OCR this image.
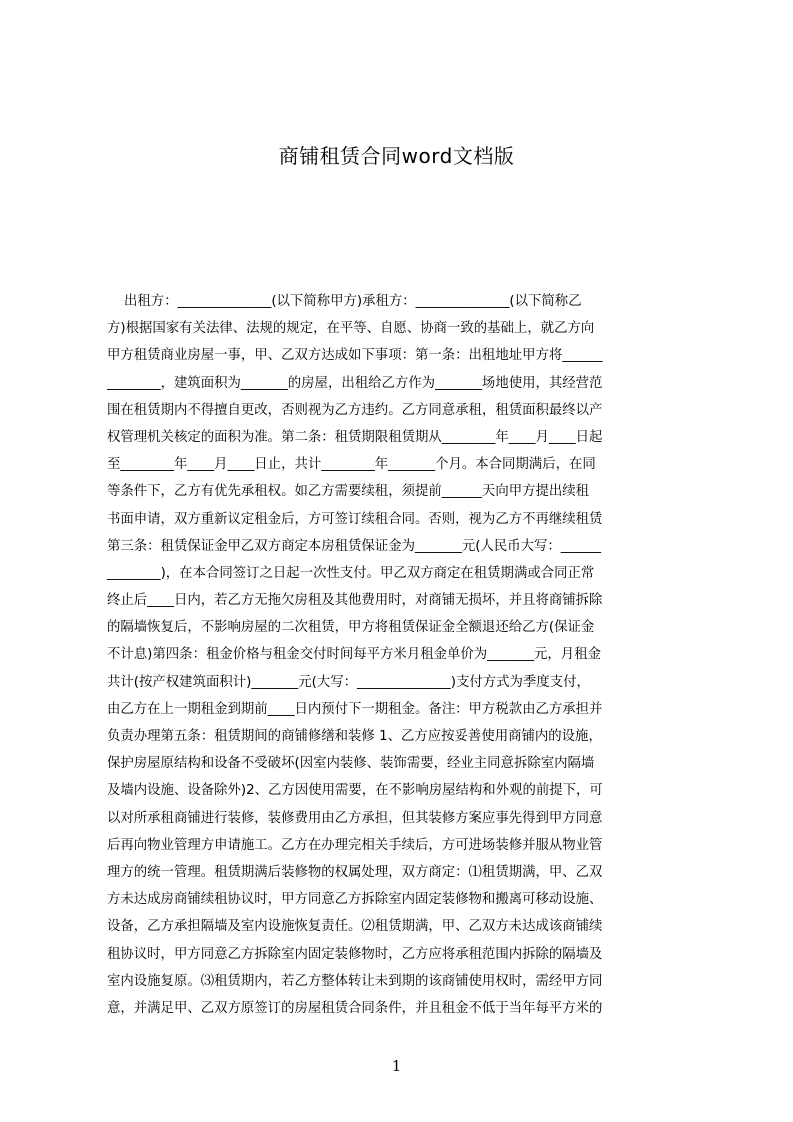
商铺租赁合同word文档版
出租方：______________(以下简称甲方)承租方：______________(以下简称乙
方)根据国家有关法律、法规的规定，在平等、自愿、协商一致的基础上，就乙方向
甲方租赁商业房屋一事，甲、乙双方达成如下事项：第一条：出租地址甲方将______
________，建筑面积为_______的房屋，出租给乙方作为_______场地使用，其经营范
围在租赁期内不得擅自更改，否则视为乙方违约。乙方同意承租，租赁面积最终以产
权管理机关核定的面积为准。第二条：租赁期限租赁期从________年____月____日起
至________年____月____日止，共计________年_______个月。本合同期满后，在同
等条件下，乙方有优先承租权。如乙方需要续租，须提前______天向甲方提出续租
书面申请，双方重新议定租金后，方可签订续租合同。否则，视为乙方不再继续租赁
第三条：租赁保证金甲乙双方商定本房租赁保证金为_______元(人民币大写：______
________)，在本合同签订之日起一次性支付。甲乙双方商定在租赁期满或合同正常
终止后____日内，若乙方无拖欠房租及其他费用时，对商铺无损坏，并且将商铺拆除
的隔墙恢复后，不影响房屋的二次租赁，甲方将租赁保证金全额退还给乙方(保证金
不计息)第四条：租金价格与租金交付时间每平方米月租金单价为_______元，月租金
共计(按产权建筑面积计)_______元(大写：______________)支付方式为季度支付，
由乙方在上一期租金到期前____日内预付下一期租金。备注：甲方税款由乙方承担并
负责办理第五条：租赁期间的商铺修缮和装修 1、乙方应按妥善使用商铺内的设施，
保护房屋原结构和设备不受破坏(因室内装修、装饰需要，经业主同意拆除室内隔墙
及墙内设施、设备除外)2、乙方因使用需要，在不影响房屋结构和外观的前提下，可
以对所承租商铺进行装修，装修费用由乙方承担，但其装修方案应事先得到甲方同意
后再向物业管理方申请施工。乙方在办理完相关手续后，方可进场装修并服从物业管
理方的统一管理。租赁期满后装修物的权属处理，双方商定：⑴租赁期满，甲、乙双
方未达成房商铺续租协议时，甲方同意乙方拆除室内固定装修物和搬离可移动设施、
设备，乙方承担隔墙及室内设施恢复责任。⑵租赁期满，甲、乙双方未达成该商铺续
租协议时，甲方同意乙方拆除室内固定装修物时，乙方应将承租范围内拆除的隔墙及
室内设施复原。⑶租赁期内，若乙方整体转让未到期的该商铺使用权时，需经甲方同
意，并满足甲、乙双方原签订的房屋租赁合同条件，并且租金不低于当年每平方米的
1
